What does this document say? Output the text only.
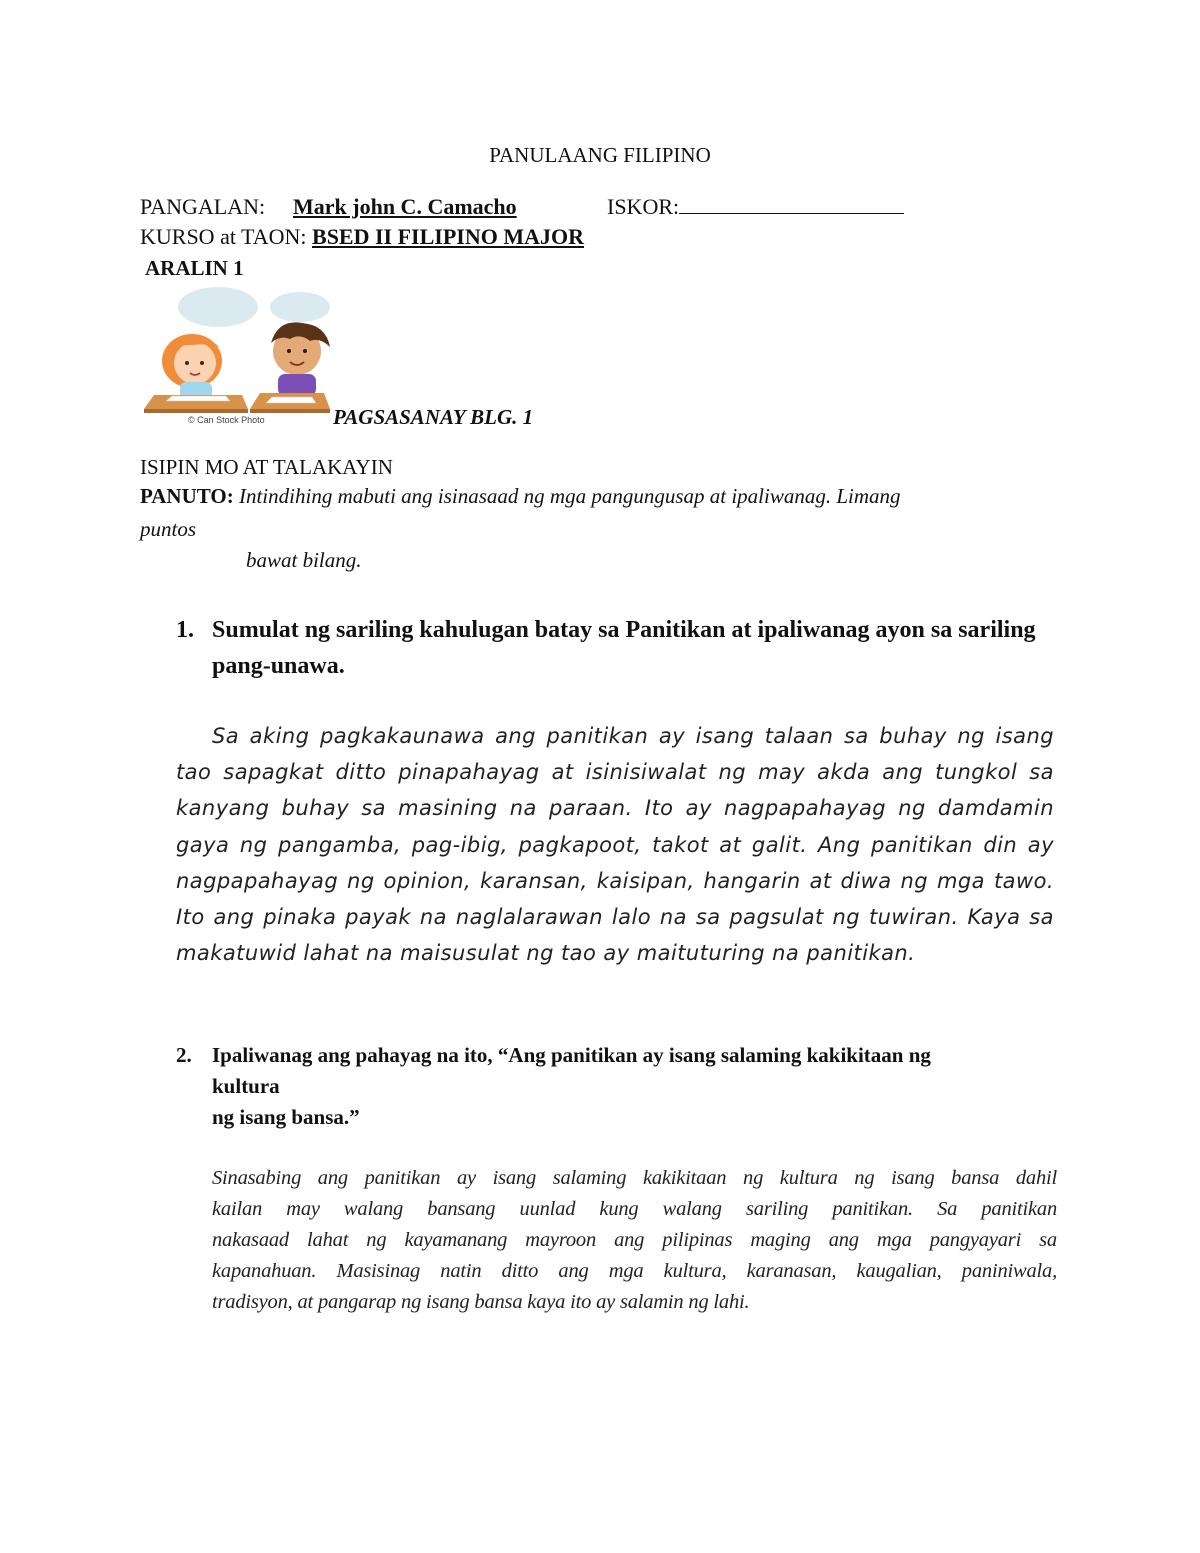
PANULAANG FILIPINO
PANGALAN: Mark john C. Camacho	ISKOR:
KURSO at TAON: BSED II FILIPINO MAJOR
ARALIN 1
© Can Stock Photo	PAGSASANAY BLG. 1
ISIPIN MO AT TALAKAYIN
PANUTO: Intindihing mabuti ang isinasaad ng mga pangungusap at ipaliwanag. Limang
puntos
bawat bilang.
1. Sumulat ng sariling kahulugan batay sa Panitikan at ipaliwanag ayon sa sariling pang-unawa.
Sa aking pagkakaunawa ang panitikan ay isang talaan sa buhay ng isang tao sapagkat ditto pinapahayag at isinisiwalat ng may akda ang tungkol sa kanyang buhay sa masining na paraan. Ito ay nagpapahayag ng damdamin gaya ng pangamba, pag-ibig, pagkapoot, takot at galit. Ang panitikan din ay nagpapahayag ng opinion, karansan, kaisipan, hangarin at diwa ng mga tawo. Ito ang pinaka payak na naglalarawan lalo na sa pagsulat ng tuwiran. Kaya sa makatuwid lahat na maisusulat ng tao ay maituturing na panitikan.
2. Ipaliwanag ang pahayag na ito, “Ang panitikan ay isang salaming kakikitaan ng
kultura
ng isang bansa.”
Sinasabing ang panitikan ay isang salaming kakikitaan ng kultura ng isang bansa dahil
kailan may walang bansang uunlad kung walang sariling panitikan. Sa panitikan
nakasaad lahat ng kayamanang mayroon ang pilipinas maging ang mga pangyayari sa
kapanahuan. Masisinag natin ditto ang mga kultura, karanasan, kaugalian, paniniwala,
tradisyon, at pangarap ng isang bansa kaya ito ay salamin ng lahi.
